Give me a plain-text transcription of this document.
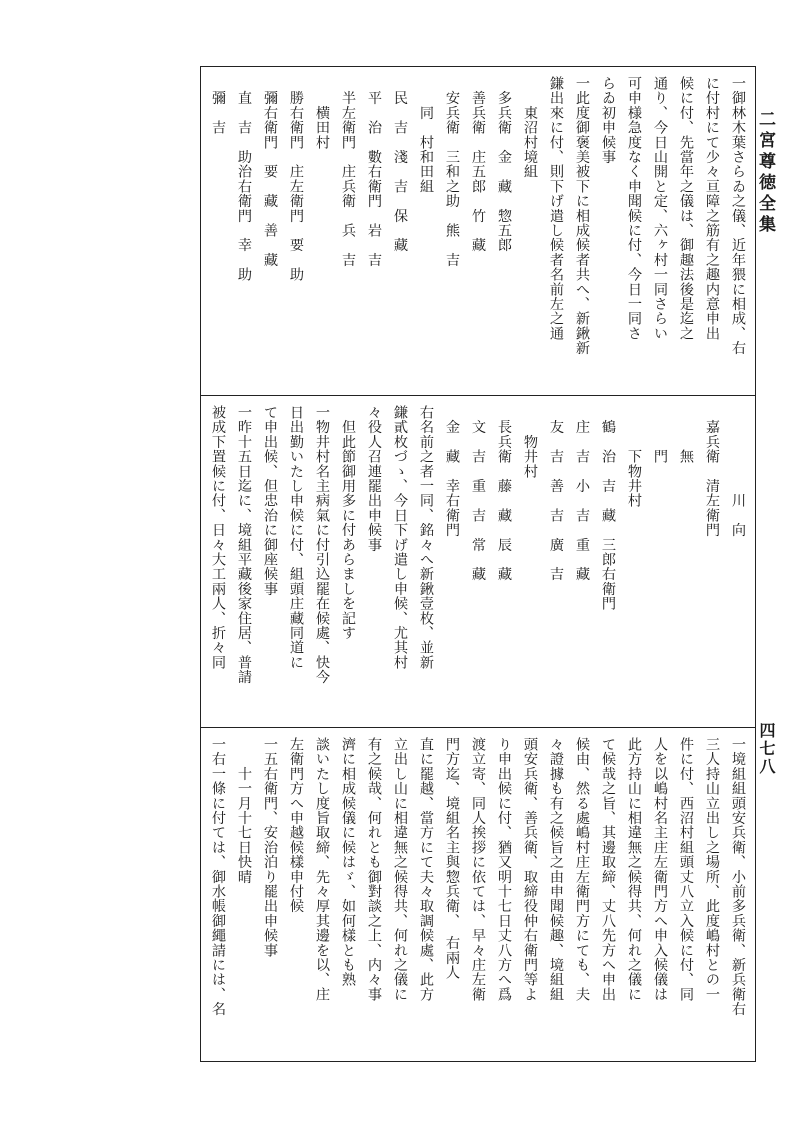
二宮尊徳全集
四七八
一御林木葉さらゐ之儀、近年猥に相成、右
に付村にて少々亘障之筋有之趣内意申出
候に付、先當年之儀は、御趣法後是迄之
通り、今日山開と定、六ヶ村一同さらい
可申様急度なく申聞候に付、今日一同さ
らゐ初申候事
一此度御褒美被下に相成候者共へ、新鍬新
鎌出來に付、則下げ遣し候者名前左之通
　　東沼村境組
　多兵衛　金　藏　惣五郎
　善兵衛　庄五郎　竹　藏
　安兵衛　三和之助　熊　吉
　　同　村和田組
　民　吉　淺　吉　保　藏
　平　治　數右衛門　岩　吉
　半左衛門　庄兵衛　兵　吉
　　横田村
　勝右衛門　庄左衛門　要　助
　彌右衛門　要　藏　善　藏
　直　吉　助治右衛門　幸　助
　彌　吉
　　　　　　川　向
　嘉兵衛　清左衛門
　　　無
　　　門
　　　下物井村
　鶴　治　吉　藏　三郎右衛門
　庄　吉　小　吉　重　藏
　友　吉　善　吉　廣　吉
　　物井村
　長兵衛　藤　藏　辰　藏
　文　吉　重　吉　常　藏
　金　藏　幸右衛門
右名前之者一同、銘々へ新鍬壹枚、並新
鎌貳枚づゝ、今日下げ遣し申候、尤其村
々役人召連罷出申候事
　但此節御用多に付あらましを記す
一物井村名主病氣に付引込罷在候處、快今
日出勤いたし申候に付、組頭庄藏同道に
て申出候、但忠治に御座候事
一昨十五日迄に、境組平藏後家住居、普請
被成下置候に付、日々大工兩人、折々同
一境組組頭安兵衛、小前多兵衛、新兵衛右
三人持山立出し之場所、此度嶋村との一
件に付、西沼村組頭丈八立入候に付、同
人を以嶋村名主庄左衛門方へ申入候儀は
此方持山に相違無之候得共、何れ之儀に
て候哉之旨、其邊取締、丈八先方へ申出
候由、然る處嶋村庄左衛門方にても、夫
々證據も有之候旨之由申聞候趣、境組組
頭安兵衛、善兵衛、取締役仲右衛門等よ
り申出候に付、猶又明十七日丈八方へ爲
渡立寄、同人挨拶に依ては、早々庄左衛
門方迄、境組名主與惣兵衛、　右兩人
直に罷越、當方にて夫々取調候處、此方
立出し山に相違無之候得共、何れ之儀に
有之候哉、何れとも御對談之上、内々事
濟に相成候儀に候はゞ、如何樣とも熟
談いたし度旨取締、先々厚其邊を以、庄
左衛門方へ申越候樣申付候
一五右衛門、安治泊り罷出申候事
　　十一月十七日快晴
一右一條に付ては、御水帳御繩請には、名
